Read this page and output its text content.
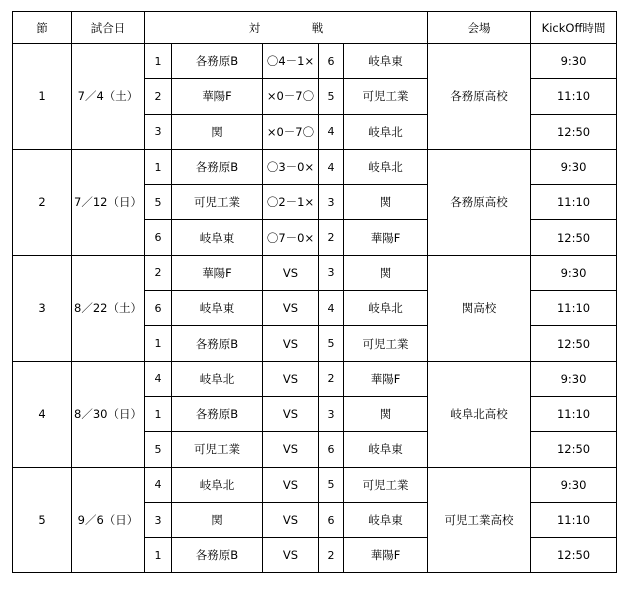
節	試合日	対　戦					会場	KickOff時間
1	7／4（土）	1	各務原B	〇4－1×	6	岐阜東	各務原高校	9:30
		2	華陽F	×0－7〇	5	可児工業		11:10
		3	関	×0－7〇	4	岐阜北		12:50
2	7／12（日）	1	各務原B	〇3－0×	4	岐阜北	各務原高校	9:30
		5	可児工業	〇2－1×	3	関		11:10
		6	岐阜東	〇7－0×	2	華陽F		12:50
3	8／22（土）	2	華陽F	VS	3	関	関高校	9:30
		6	岐阜東	VS	4	岐阜北		11:10
		1	各務原B	VS	5	可児工業		12:50
4	8／30（日）	4	岐阜北	VS	2	華陽F	岐阜北高校	9:30
		1	各務原B	VS	3	関		11:10
		5	可児工業	VS	6	岐阜東		12:50
5	9／6（日）	4	岐阜北	VS	5	可児工業	可児工業高校	9:30
		3	関	VS	6	岐阜東		11:10
		1	各務原B	VS	2	華陽F		12:50
